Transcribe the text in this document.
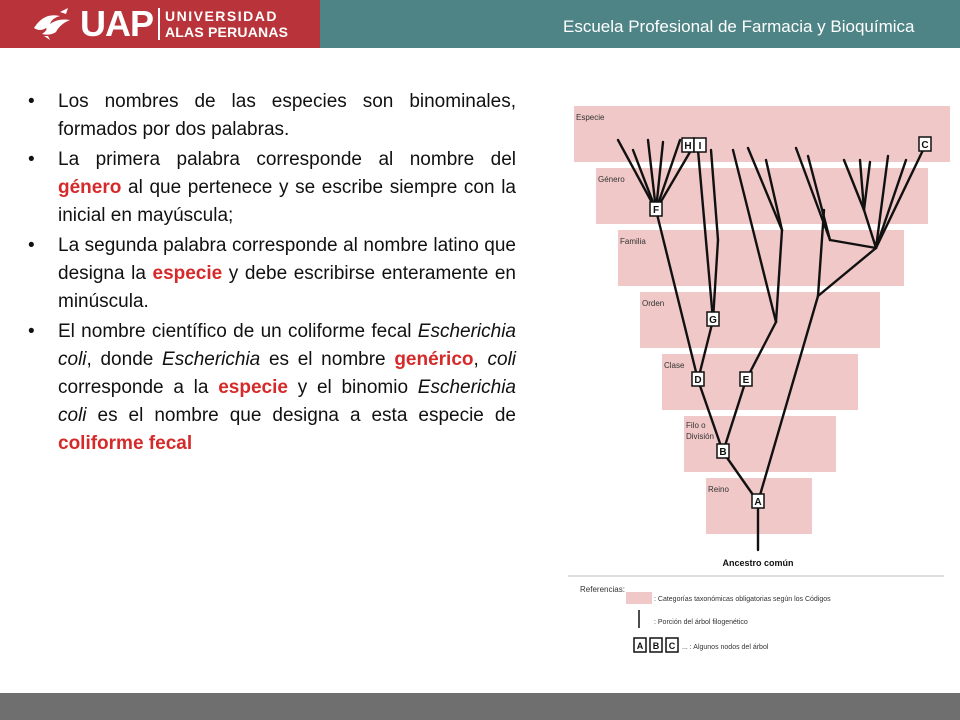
UAP UNIVERSIDAD
ALAS PERUANAS	Escuela Profesional de Farmacia y Bioquímica
• Los nombres de las especies son binominales, formados por dos palabras.
• La primera palabra corresponde al nombre del género al que pertenece y se escribe siempre con la inicial en mayúscula;
• La segunda palabra corresponde al nombre latino que designa la especie y debe escribirse enteramente en minúscula.
• El nombre científico de un coliforme fecal Escherichia coli, donde Escherichia es el nombre genérico, coli corresponde a la especie y el binomio Escherichia coli es el nombre que designa a esta especie de coliforme fecal
Especie
Género
Familia
Orden
Clase
Filo o
División
Reino
H I	C
F
G
D	E
B
A
Ancestro común
Referencias:
: Categorías taxonómicas obligatorias según los Códigos
: Porción del árbol filogenético
A B C ... : Algunos nodos del árbol
